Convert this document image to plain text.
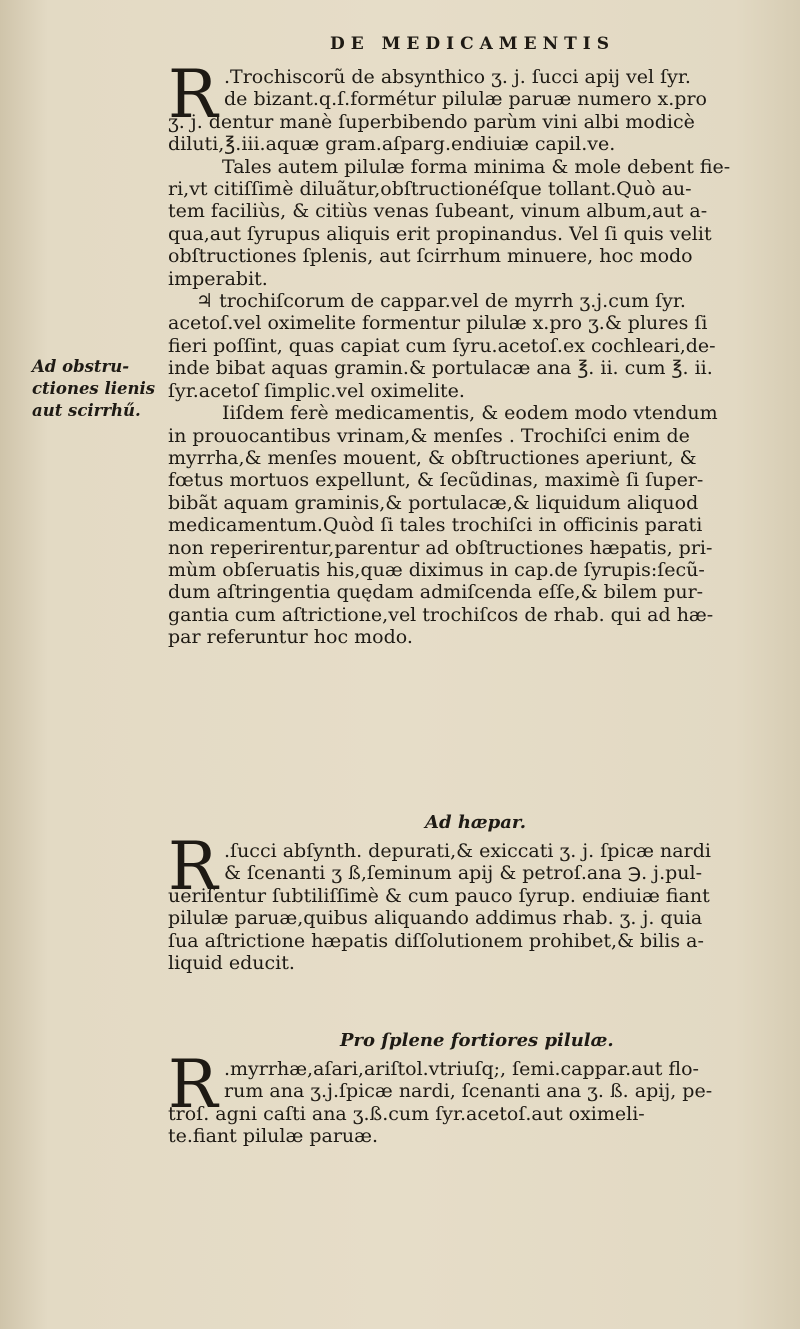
DE MEDICAMENTIS
Ad obstru-
ctiones lienis
aut scirrhű.
R .Trochiscorũ de absynthico ʒ. j. ſucci apij vel ſyr.
de bizant.q.ſ.formétur pilulæ paruæ numero x.pro
ʒ. j. dentur manè ſuperbibendo parùm vini albi modicè
diluti,℥.iii.aquæ gram.aſparg.endiuiæ capil.ve.
Tales autem pilulæ forma minima & mole debent fie-
ri,vt citiſſimè diluãtur,obſtructionéſque tollant.Quò au-
tem faciliùs, & citiùs venas ſubeant, vinum album,aut a-
qua,aut ſyrupus aliquis erit propinandus. Vel ſi quis velit
obſtructiones ſplenis, aut ſcirrhum minuere, hoc modo
imperabit.
♃ trochiſcorum de cappar.vel de myrrh ʒ.j.cum ſyr.
acetoſ.vel oximelite formentur pilulæ x.pro ʒ.& plures ſi
fieri poſſint, quas capiat cum ſyru.acetoſ.ex cochleari,de-
inde bibat aquas gramin.& portulacæ ana ℥. ii. cum ℥. ii.
ſyr.acetoſ ſimplic.vel oximelite.
Iiſdem ferè medicamentis, & eodem modo vtendum
in prouocantibus vrinam,& menſes . Trochiſci enim de
myrrha,& menſes mouent, & obſtructiones aperiunt, &
fœtus mortuos expellunt, & ſecũdinas, maximè ſi ſuper-
bibãt aquam graminis,& portulacæ,& liquidum aliquod
medicamentum.Quòd ſi tales trochiſci in officinis parati
non reperirentur,parentur ad obſtructiones hæpatis, pri-
mùm obſeruatis his,quæ diximus in cap.de ſyrupis:ſecũ-
dum aſtringentia quędam admiſcenda eſſe,& bilem pur-
gantia cum aſtrictione,vel trochiſcos de rhab. qui ad hæ-
par referuntur hoc modo.
Ad hæpar.
R .ſucci abſynth. depurati,& exiccati ʒ. j. ſpicæ nardi
& ſcenanti ʒ ß,ſeminum apij & petroſ.ana ℈. j.pul-
ueriſentur ſubtiliſſimè & cum pauco ſyrup. endiuiæ fiant
pilulæ paruæ,quibus aliquando addimus rhab. ʒ. j. quia
ſua aſtrictione hæpatis diſſolutionem prohibet,& bilis a-
liquid educit.
Pro ſplene fortiores pilulæ.
R .myrrhæ,aſari,ariſtol.vtriuſq;, ſemi.cappar.aut flo-
rum ana ʒ.j.ſpicæ nardi, ſcenanti ana ʒ. ß. apij, pe-
troſ. agni caſti ana ʒ.ß.cum ſyr.acetoſ.aut oximeli-
te.fiant pilulæ paruæ.
